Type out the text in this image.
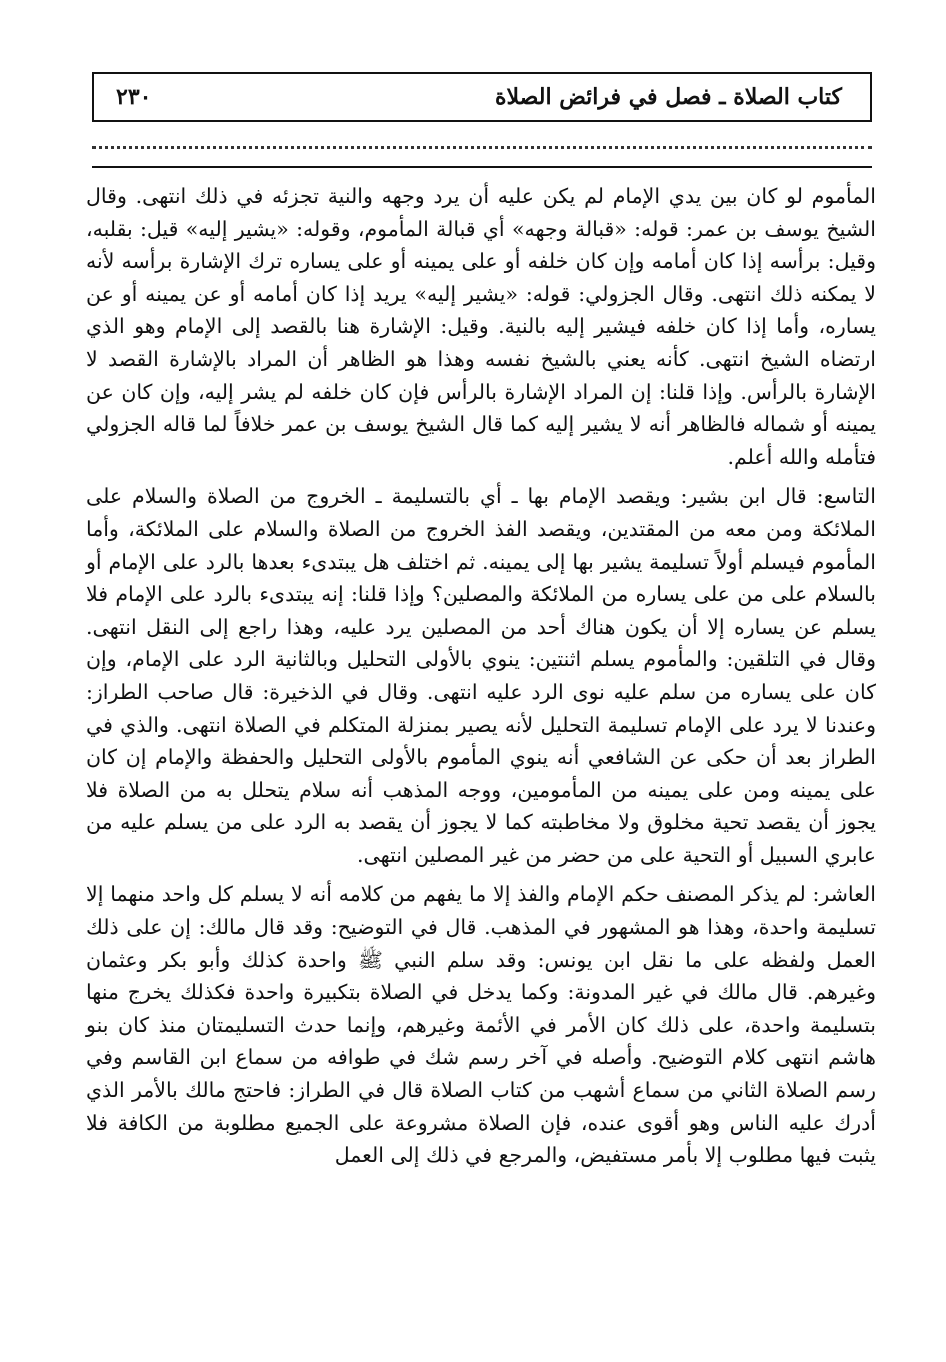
كتاب الصلاة ـ فصل في فرائض الصلاة
٢٣٠

المأموم لو كان بين يدي الإمام لم يكن عليه أن يرد وجهه والنية تجزئه في ذلك انتهى. وقال الشيخ يوسف بن عمر: قوله: «قبالة وجهه» أي قبالة المأموم، وقوله: «يشير إليه» قيل: بقلبه، وقيل: برأسه إذا كان أمامه وإن كان خلفه أو على يمينه أو على يساره ترك الإشارة برأسه لأنه لا يمكنه ذلك انتهى. وقال الجزولي: قوله: «يشير إليه» يريد إذا كان أمامه أو عن يمينه أو عن يساره، وأما إذا كان خلفه فيشير إليه بالنية. وقيل: الإشارة هنا بالقصد إلى الإمام وهو الذي ارتضاه الشيخ انتهى. كأنه يعني بالشيخ نفسه وهذا هو الظاهر أن المراد بالإشارة القصد لا الإشارة بالرأس. وإذا قلنا: إن المراد الإشارة بالرأس فإن كان خلفه لم يشر إليه، وإن كان عن يمينه أو شماله فالظاهر أنه لا يشير إليه كما قال الشيخ يوسف بن عمر خلافاً لما قاله الجزولي فتأمله والله أعلم.

التاسع: قال ابن بشير: ويقصد الإمام بها ـ أي بالتسليمة ـ الخروج من الصلاة والسلام على الملائكة ومن معه من المقتدين، ويقصد الفذ الخروج من الصلاة والسلام على الملائكة، وأما المأموم فيسلم أولاً تسليمة يشير بها إلى يمينه. ثم اختلف هل يبتدىء بعدها بالرد على الإمام أو بالسلام على من على يساره من الملائكة والمصلين؟ وإذا قلنا: إنه يبتدىء بالرد على الإمام فلا يسلم عن يساره إلا أن يكون هناك أحد من المصلين يرد عليه، وهذا راجع إلى النقل انتهى. وقال في التلقين: والمأموم يسلم اثنتين: ينوي بالأولى التحليل وبالثانية الرد على الإمام، وإن كان على يساره من سلم عليه نوى الرد عليه انتهى. وقال في الذخيرة: قال صاحب الطراز: وعندنا لا يرد على الإمام تسليمة التحليل لأنه يصير بمنزلة المتكلم في الصلاة انتهى. والذي في الطراز بعد أن حكى عن الشافعي أنه ينوي المأموم بالأولى التحليل والحفظة والإمام إن كان على يمينه ومن على يمينه من المأمومين، ووجه المذهب أنه سلام يتحلل به من الصلاة فلا يجوز أن يقصد تحية مخلوق ولا مخاطبته كما لا يجوز أن يقصد به الرد على من يسلم عليه من عابري السبيل أو التحية على من حضر من غير المصلين انتهى.

العاشر: لم يذكر المصنف حكم الإمام والفذ إلا ما يفهم من كلامه أنه لا يسلم كل واحد منهما إلا تسليمة واحدة، وهذا هو المشهور في المذهب. قال في التوضيح: وقد قال مالك: إن على ذلك العمل ولفظه على ما نقل ابن يونس: وقد سلم النبي ﷺ واحدة كذلك وأبو بكر وعثمان وغيرهم. قال مالك في غير المدونة: وكما يدخل في الصلاة بتكبيرة واحدة فكذلك يخرج منها بتسليمة واحدة، على ذلك كان الأمر في الأئمة وغيرهم، وإنما حدث التسليمتان منذ كان بنو هاشم انتهى كلام التوضيح. وأصله في آخر رسم شك في طوافه من سماع ابن القاسم وفي رسم الصلاة الثاني من سماع أشهب من كتاب الصلاة قال في الطراز: فاحتج مالك بالأمر الذي أدرك عليه الناس وهو أقوى عنده، فإن الصلاة مشروعة على الجميع مطلوبة من الكافة فلا يثبت فيها مطلوب إلا بأمر مستفيض، والمرجع في ذلك إلى العمل
